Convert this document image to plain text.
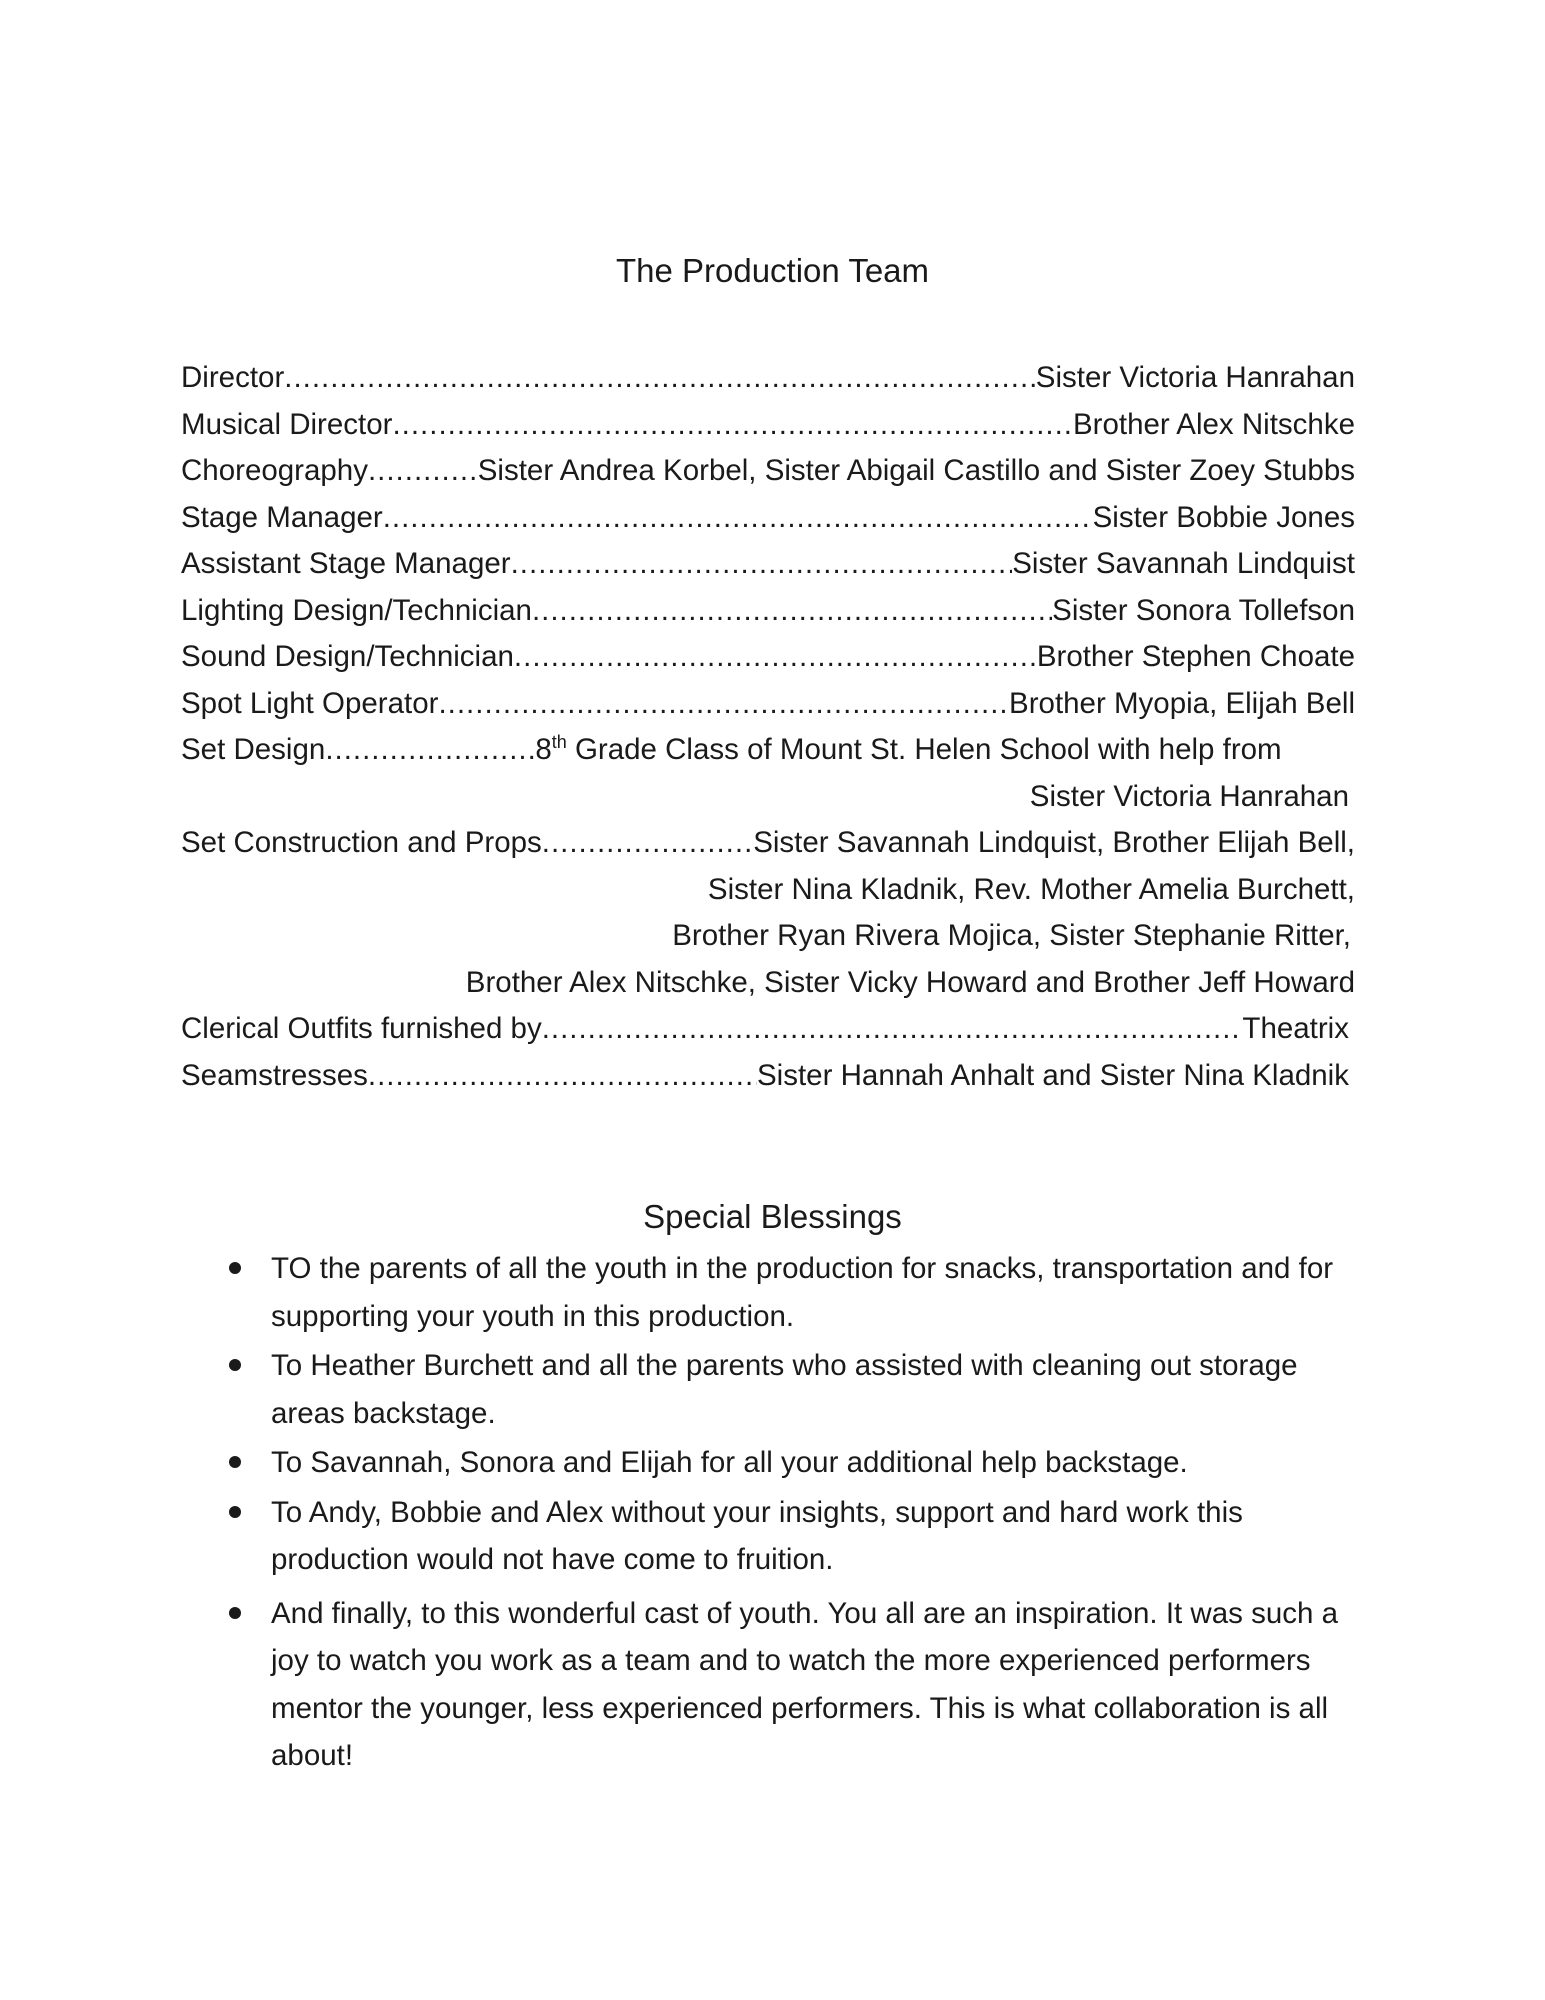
The Production Team
Director .....	Sister Victoria Hanrahan
Musical Director .....	Brother Alex Nitschke
Choreography .....	Sister Andrea Korbel, Sister Abigail Castillo and Sister Zoey Stubbs
Stage Manager .....	Sister Bobbie Jones
Assistant Stage Manager .....	Sister Savannah Lindquist
Lighting Design/Technician .....	Sister Sonora Tollefson
Sound Design/Technician .....	Brother Stephen Choate
Spot Light Operator .....	Brother Myopia, Elijah Bell
Set Design .....	8th Grade Class of Mount St. Helen School with help from
Sister Victoria Hanrahan
Set Construction and Props .....	Sister Savannah Lindquist, Brother Elijah Bell,
Sister Nina Kladnik, Rev. Mother Amelia Burchett,
Brother Ryan Rivera Mojica, Sister Stephanie Ritter,
Brother Alex Nitschke, Sister Vicky Howard and Brother Jeff Howard
Clerical Outfits furnished by .....	Theatrix
Seamstresses .....	Sister Hannah Anhalt and Sister Nina Kladnik
Special Blessings
TO the parents of all the youth in the production for snacks, transportation and for supporting your youth in this production.
To Heather Burchett and all the parents who assisted with cleaning out storage areas backstage.
To Savannah, Sonora and Elijah for all your additional help backstage.
To Andy, Bobbie and Alex without your insights, support and hard work this production would not have come to fruition.
And finally, to this wonderful cast of youth. You all are an inspiration. It was such a joy to watch you work as a team and to watch the more experienced performers mentor the younger, less experienced performers. This is what collaboration is all about!
